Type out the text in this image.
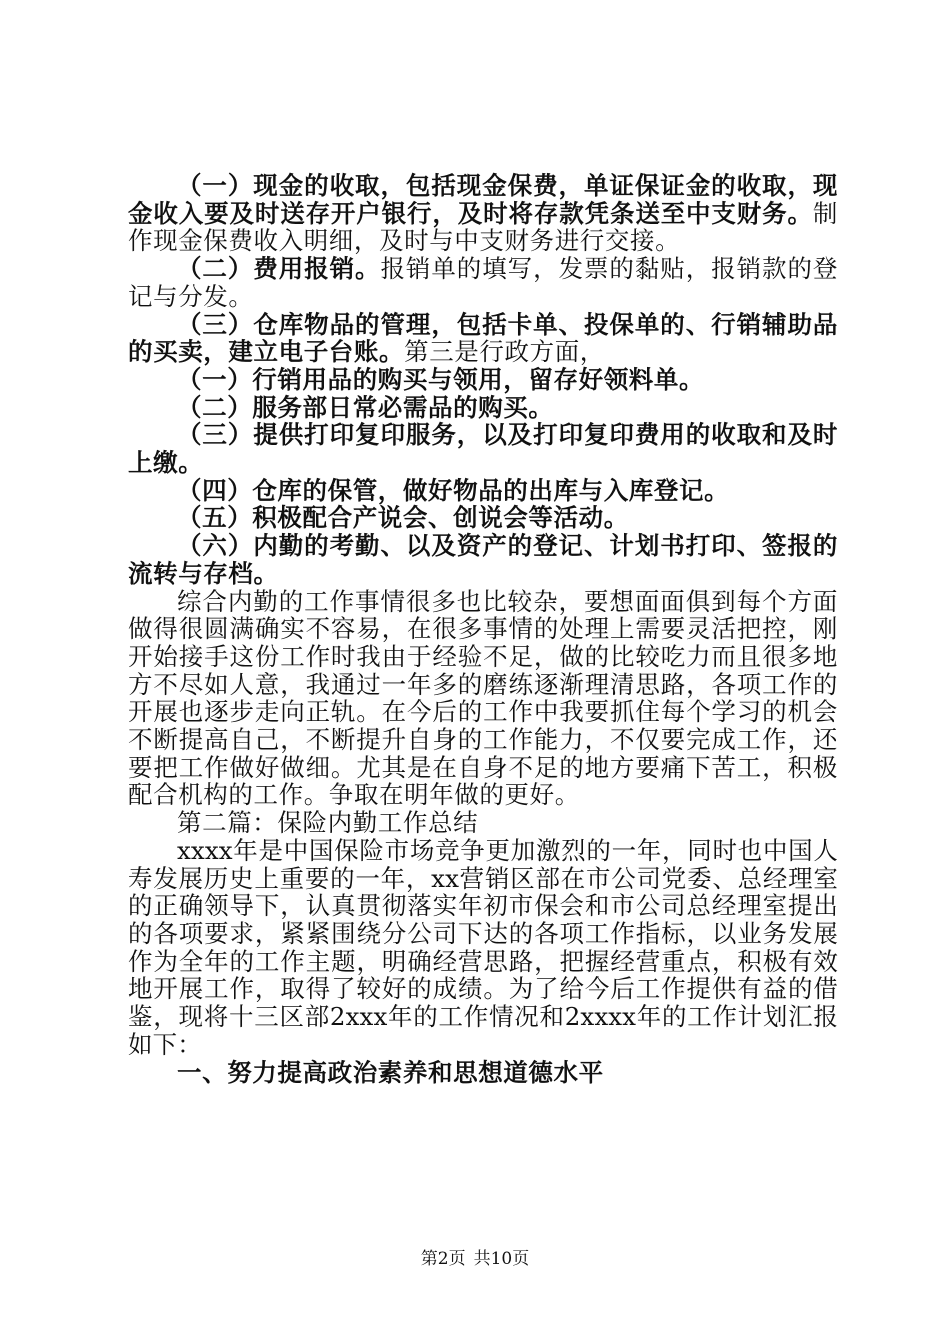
（一）现金的收取，包括现金保费，单证保证金的收取，现金收入要及时送存开户银行，及时将存款凭条送至中支财务。制作现金保费收入明细，及时与中支财务进行交接。

（二）费用报销。报销单的填写，发票的黏贴，报销款的登记与分发。

（三）仓库物品的管理，包括卡单、投保单的、行销辅助品的买卖，建立电子台账。第三是行政方面，

（一）行销用品的购买与领用，留存好领料单。

（二）服务部日常必需品的购买。

（三）提供打印复印服务，以及打印复印费用的收取和及时上缴。

（四）仓库的保管，做好物品的出库与入库登记。

（五）积极配合产说会、创说会等活动。

（六）内勤的考勤、以及资产的登记、计划书打印、签报的流转与存档。

综合内勤的工作事情很多也比较杂，要想面面俱到每个方面做得很圆满确实不容易，在很多事情的处理上需要灵活把控，刚开始接手这份工作时我由于经验不足，做的比较吃力而且很多地方不尽如人意，我通过一年多的磨练逐渐理清思路，各项工作的开展也逐步走向正轨。在今后的工作中我要抓住每个学习的机会不断提高自己，不断提升自身的工作能力，不仅要完成工作，还要把工作做好做细。尤其是在自身不足的地方要痛下苦工，积极配合机构的工作。争取在明年做的更好。

第二篇：保险内勤工作总结

xxxx年是中国保险市场竞争更加激烈的一年，同时也中国人寿发展历史上重要的一年，xx营销区部在市公司党委、总经理室的正确领导下，认真贯彻落实年初市保会和市公司总经理室提出的各项要求，紧紧围绕分公司下达的各项工作指标，以业务发展作为全年的工作主题，明确经营思路，把握经营重点，积极有效地开展工作，取得了较好的成绩。为了给今后工作提供有益的借鉴，现将十三区部2xxx年的工作情况和2xxxx年的工作计划汇报如下：

一、努力提高政治素养和思想道德水平

第2页 共10页
